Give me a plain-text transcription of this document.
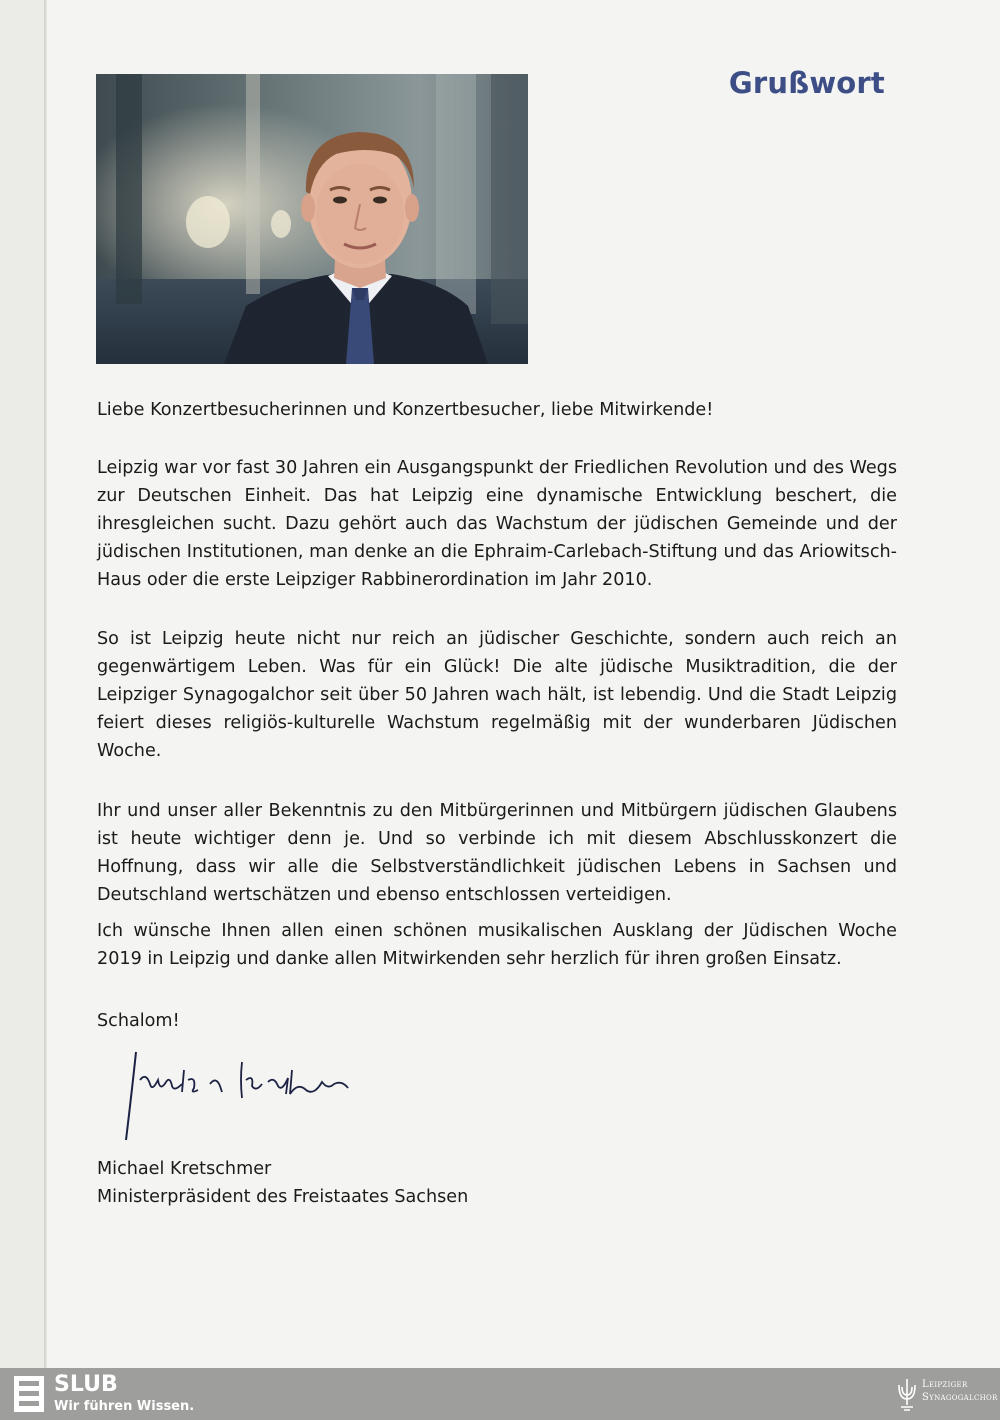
Grußwort
Liebe Konzertbesucherinnen und Konzertbesucher, liebe Mitwirkende!
Leipzig war vor fast 30 Jahren ein Ausgangspunkt der Friedlichen Revolution und des Wegs zur Deutschen Einheit. Das hat Leipzig eine dynamische Entwicklung beschert, die ihresgleichen sucht. Dazu gehört auch das Wachstum der jüdischen Gemeinde und der jüdischen Institutionen, man denke an die Ephraim-Carlebach-Stiftung und das Ariowitsch-Haus oder die erste Leipziger Rabbinerordination im Jahr 2010.
So ist Leipzig heute nicht nur reich an jüdischer Geschichte, sondern auch reich an gegenwärtigem Leben. Was für ein Glück! Die alte jüdische Musiktradition, die der Leipziger Synagogalchor seit über 50 Jahren wach hält, ist lebendig. Und die Stadt Leipzig feiert dieses religiös-kulturelle Wachstum regelmäßig mit der wunderbaren Jüdischen Woche.
Ihr und unser aller Bekenntnis zu den Mitbürgerinnen und Mitbürgern jüdischen Glaubens ist heute wichtiger denn je. Und so verbinde ich mit diesem Abschlusskonzert die Hoffnung, dass wir alle die Selbstverständlichkeit jüdischen Lebens in Sachsen und Deutschland wertschätzen und ebenso entschlossen verteidigen.
Ich wünsche Ihnen allen einen schönen musikalischen Ausklang der Jüdischen Woche 2019 in Leipzig und danke allen Mitwirkenden sehr herzlich für ihren großen Einsatz.
Schalom!
Michael Kretschmer
Ministerpräsident des Freistaates Sachsen
SLUB
Wir führen Wissen.
Leipziger
Synagogalchor
